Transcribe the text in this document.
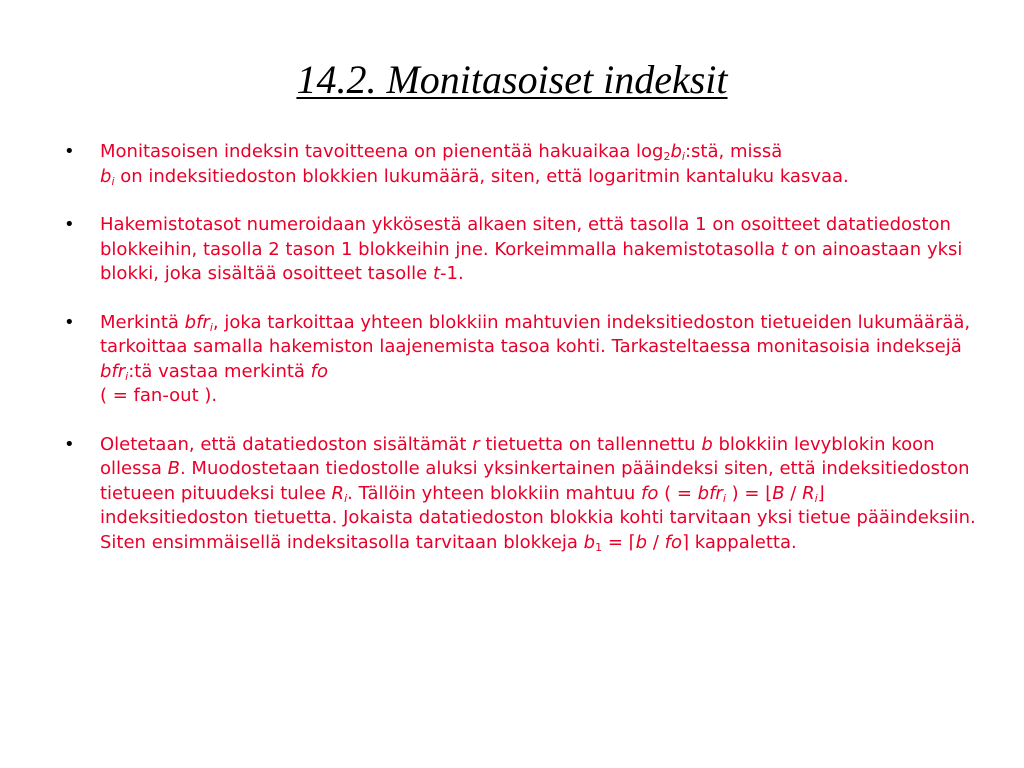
14.2. Monitasoiset indeksit
• Monitasoisen indeksin tavoitteena on pienentää hakuaikaa $\log_2b_i:stä$, missä
$b_i$ on indeksitiedoston blokkien lukumäärä, siten, että logaritmin kantaluku kasvaa.
• Hakemistotasot numeroidaan ykkösestä alkaen siten, että tasolla 1 on osoitteet datatiedoston blokkeihin, tasolla 2 tason 1 blokkeihin jne. Korkeimmalla hakemistotasolla t on ainoastaan yksi blokki, joka sisältää osoitteet tasolle t-1.
• Merkintä bfr$_i$, joka tarkoittaa yhteen blokkiin mahtuvien indeksitiedoston tietueiden lukumäärää, tarkoittaa samalla hakemiston laajenemista tasoa kohti. Tarkasteltaessa monitasoisia indeksejä bfr$_i$:tä vastaa merkintä fo
( = fan-out ).
• Oletetaan, että datatiedoston sisältämät r tietuetta on tallennettu b blokkiin levyblokin koon ollessa B. Muodostetaan tiedostolle aluksi yksinkertainen pääindeksi siten, että indeksitiedoston tietueen pituudeksi tulee $R_i$. Tällöin yhteen blokkiin mahtuu fo ( = bfr$_i$ ) = ⌊B / $R_i⌋$ indeksitiedoston tietuetta. Jokaista datatiedoston blokkia kohti tarvitaan yksi tietue pääindeksiin. Siten ensimmäisellä indeksitasolla tarvitaan blokkeja $b_1$ = ⌈b / fo⌉ kappaletta.
